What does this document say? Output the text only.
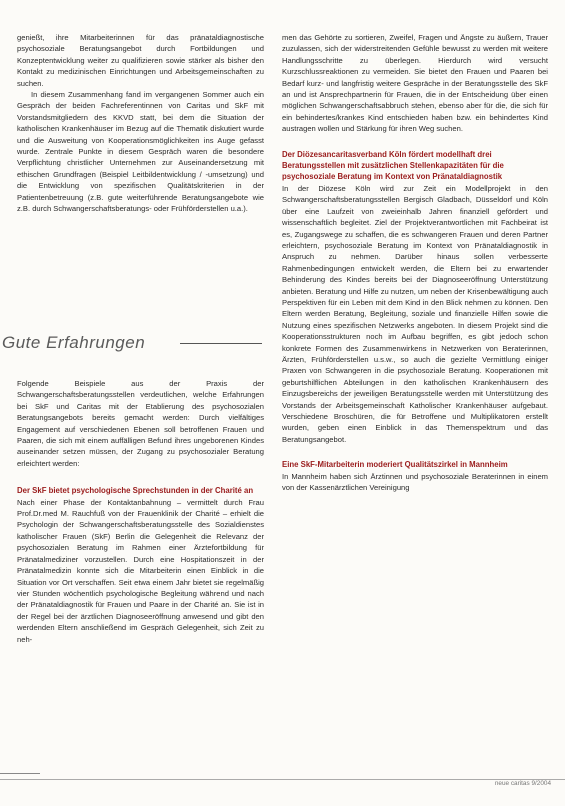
genießt, ihre Mitarbeiterinnen für das pränataldiagnostische psychosoziale Beratungsangebot durch Fortbildungen und Konzeptentwicklung weiter zu qualifizieren sowie stärker als bisher den Kontakt zu medizinischen Einrichtungen und Arbeitsgemeinschaften zu suchen.

In diesem Zusammenhang fand im vergangenen Sommer auch ein Gespräch der beiden Fachreferentinnen von Caritas und SkF mit Vorstandsmitgliedern des KKVD statt, bei dem die Situation der katholischen Krankenhäuser im Bezug auf die Thematik diskutiert wurde und die Ausweitung von Kooperationsmöglichkeiten ins Auge gefasst wurde. Zentrale Punkte in diesem Gespräch waren die besondere Verpflichtung christlicher Unternehmen zur Auseinandersetzung mit ethischen Grundfragen (Beispiel Leitbildentwicklung / -umsetzung) und die Entwicklung von spezifischen Qualitätskriterien in der Patientenbetreuung (z.B. gute weiterführende Beratungsangebote wie z.B. durch Schwangerschaftsberatungs- oder Frühförderstellen u.a.).

Gute Erfahrungen

Folgende Beispiele aus der Praxis der Schwangerschaftsberatungsstellen verdeutlichen, welche Erfahrungen bei SkF und Caritas mit der Etablierung des psychosozialen Beratungsangebots bereits gemacht werden: Durch vielfältiges Engagement auf verschiedenen Ebenen soll betroffenen Frauen und Paaren, die sich mit einem auffälligen Befund ihres ungeborenen Kindes auseinander setzen müssen, der Zugang zu psychosozialer Beratung erleichtert werden:

Der SkF bietet psychologische Sprechstunden in der Charité an

Nach einer Phase der Kontaktanbahnung – vermittelt durch Frau Prof.Dr.med M. Rauchfuß von der Frauenklinik der Charité – erhielt die Psychologin der Schwangerschaftsberatungsstelle des Sozialdienstes katholischer Frauen (SkF) Berlin die Gelegenheit die Relevanz der psychosozialen Beratung im Rahmen einer Ärztefortbildung für Pränatalmediziner vorzustellen. Durch eine Hospitationszeit in der Pränatalmedizin konnte sich die Mitarbeiterin einen Einblick in die Situation vor Ort verschaffen. Seit etwa einem Jahr bietet sie regelmäßig vier Stunden wöchentlich psychologische Begleitung während und nach der Pränataldiagnostik für Frauen und Paare in der Charité an. Sie ist in der Regel bei der ärztlichen Diagnoseeröffnung anwesend und gibt den werdenden Eltern anschließend im Gespräch Gelegenheit, sich Zeit zu neh-

men das Gehörte zu sortieren, Zweifel, Fragen und Ängste zu äußern, Trauer zuzulassen, sich der widerstreitenden Gefühle bewusst zu werden mit weitere Handlungsschritte zu überlegen. Hierdurch wird versucht Kurzschlussreaktionen zu vermeiden. Sie bietet den Frauen und Paaren bei Bedarf kurz- und langfristig weitere Gespräche in der Beratungsstelle des SkF an und ist Ansprechpartnerin für Frauen, die in der Entscheidung über einen möglichen Schwangerschaftsabbruch stehen, ebenso aber für die, die sich für ein behindertes/krankes Kind entschieden haben bzw. ein behindertes Kind austragen wollen und Stärkung für ihren Weg suchen.

Der Diözesancaritasverband Köln fördert modellhaft drei Beratungsstellen mit zusätzlichen Stellenkapazitäten für die psychosoziale Beratung im Kontext von Pränataldiagnostik

In der Diözese Köln wird zur Zeit ein Modellprojekt in den Schwangerschaftsberatungsstellen Bergisch Gladbach, Düsseldorf und Köln über eine Laufzeit von zweieinhalb Jahren finanziell gefördert und wissenschaftlich begleitet. Ziel der Projektverantwortlichen mit Fachbeirat ist es, Zugangswege zu schaffen, die es schwangeren Frauen und deren Partner erleichtern, psychosoziale Beratung im Kontext von Pränataldiagnostik in Anspruch zu nehmen. Darüber hinaus sollen verbesserte Rahmenbedingungen entwickelt werden, die Eltern bei zu erwartender Behinderung des Kindes bereits bei der Diagnoseeröffnung Unterstützung anbieten. Beratung und Hilfe zu nutzen, um neben der Krisenbewältigung auch Perspektiven für ein Leben mit dem Kind in den Blick nehmen zu können. Den Eltern werden Beratung, Begleitung, soziale und finanzielle Hilfen sowie die Nutzung eines spezifischen Netzwerks angeboten. In diesem Projekt sind die Kooperationsstrukturen noch im Aufbau begriffen, es gibt jedoch schon konkrete Formen des Zusammenwirkens in Netzwerken von Beraterinnen, Ärzten, Frühförderstellen u.s.w., so auch die gezielte Vermittlung einiger Praxen von Schwangeren in die psychosoziale Beratung. Kooperationen mit geburtshilflichen Abteilungen in den katholischen Krankenhäusern des Einzugsbereichs der jeweiligen Beratungsstelle werden mit Unterstützung des Vorstands der Arbeitsgemeinschaft Katholischer Krankenhäuser aufgebaut. Verschiedene Broschüren, die für Betroffene und Multiplikatoren erstellt wurden, geben einen Einblick in das Themenspektrum und das Beratungsangebot.

Eine SkF-Mitarbeiterin moderiert Qualitätszirkel in Mannheim

In Mannheim haben sich Ärztinnen und psychosoziale Beraterinnen in einem von der Kassenärztlichen Vereinigung

neue caritas 9/2004
